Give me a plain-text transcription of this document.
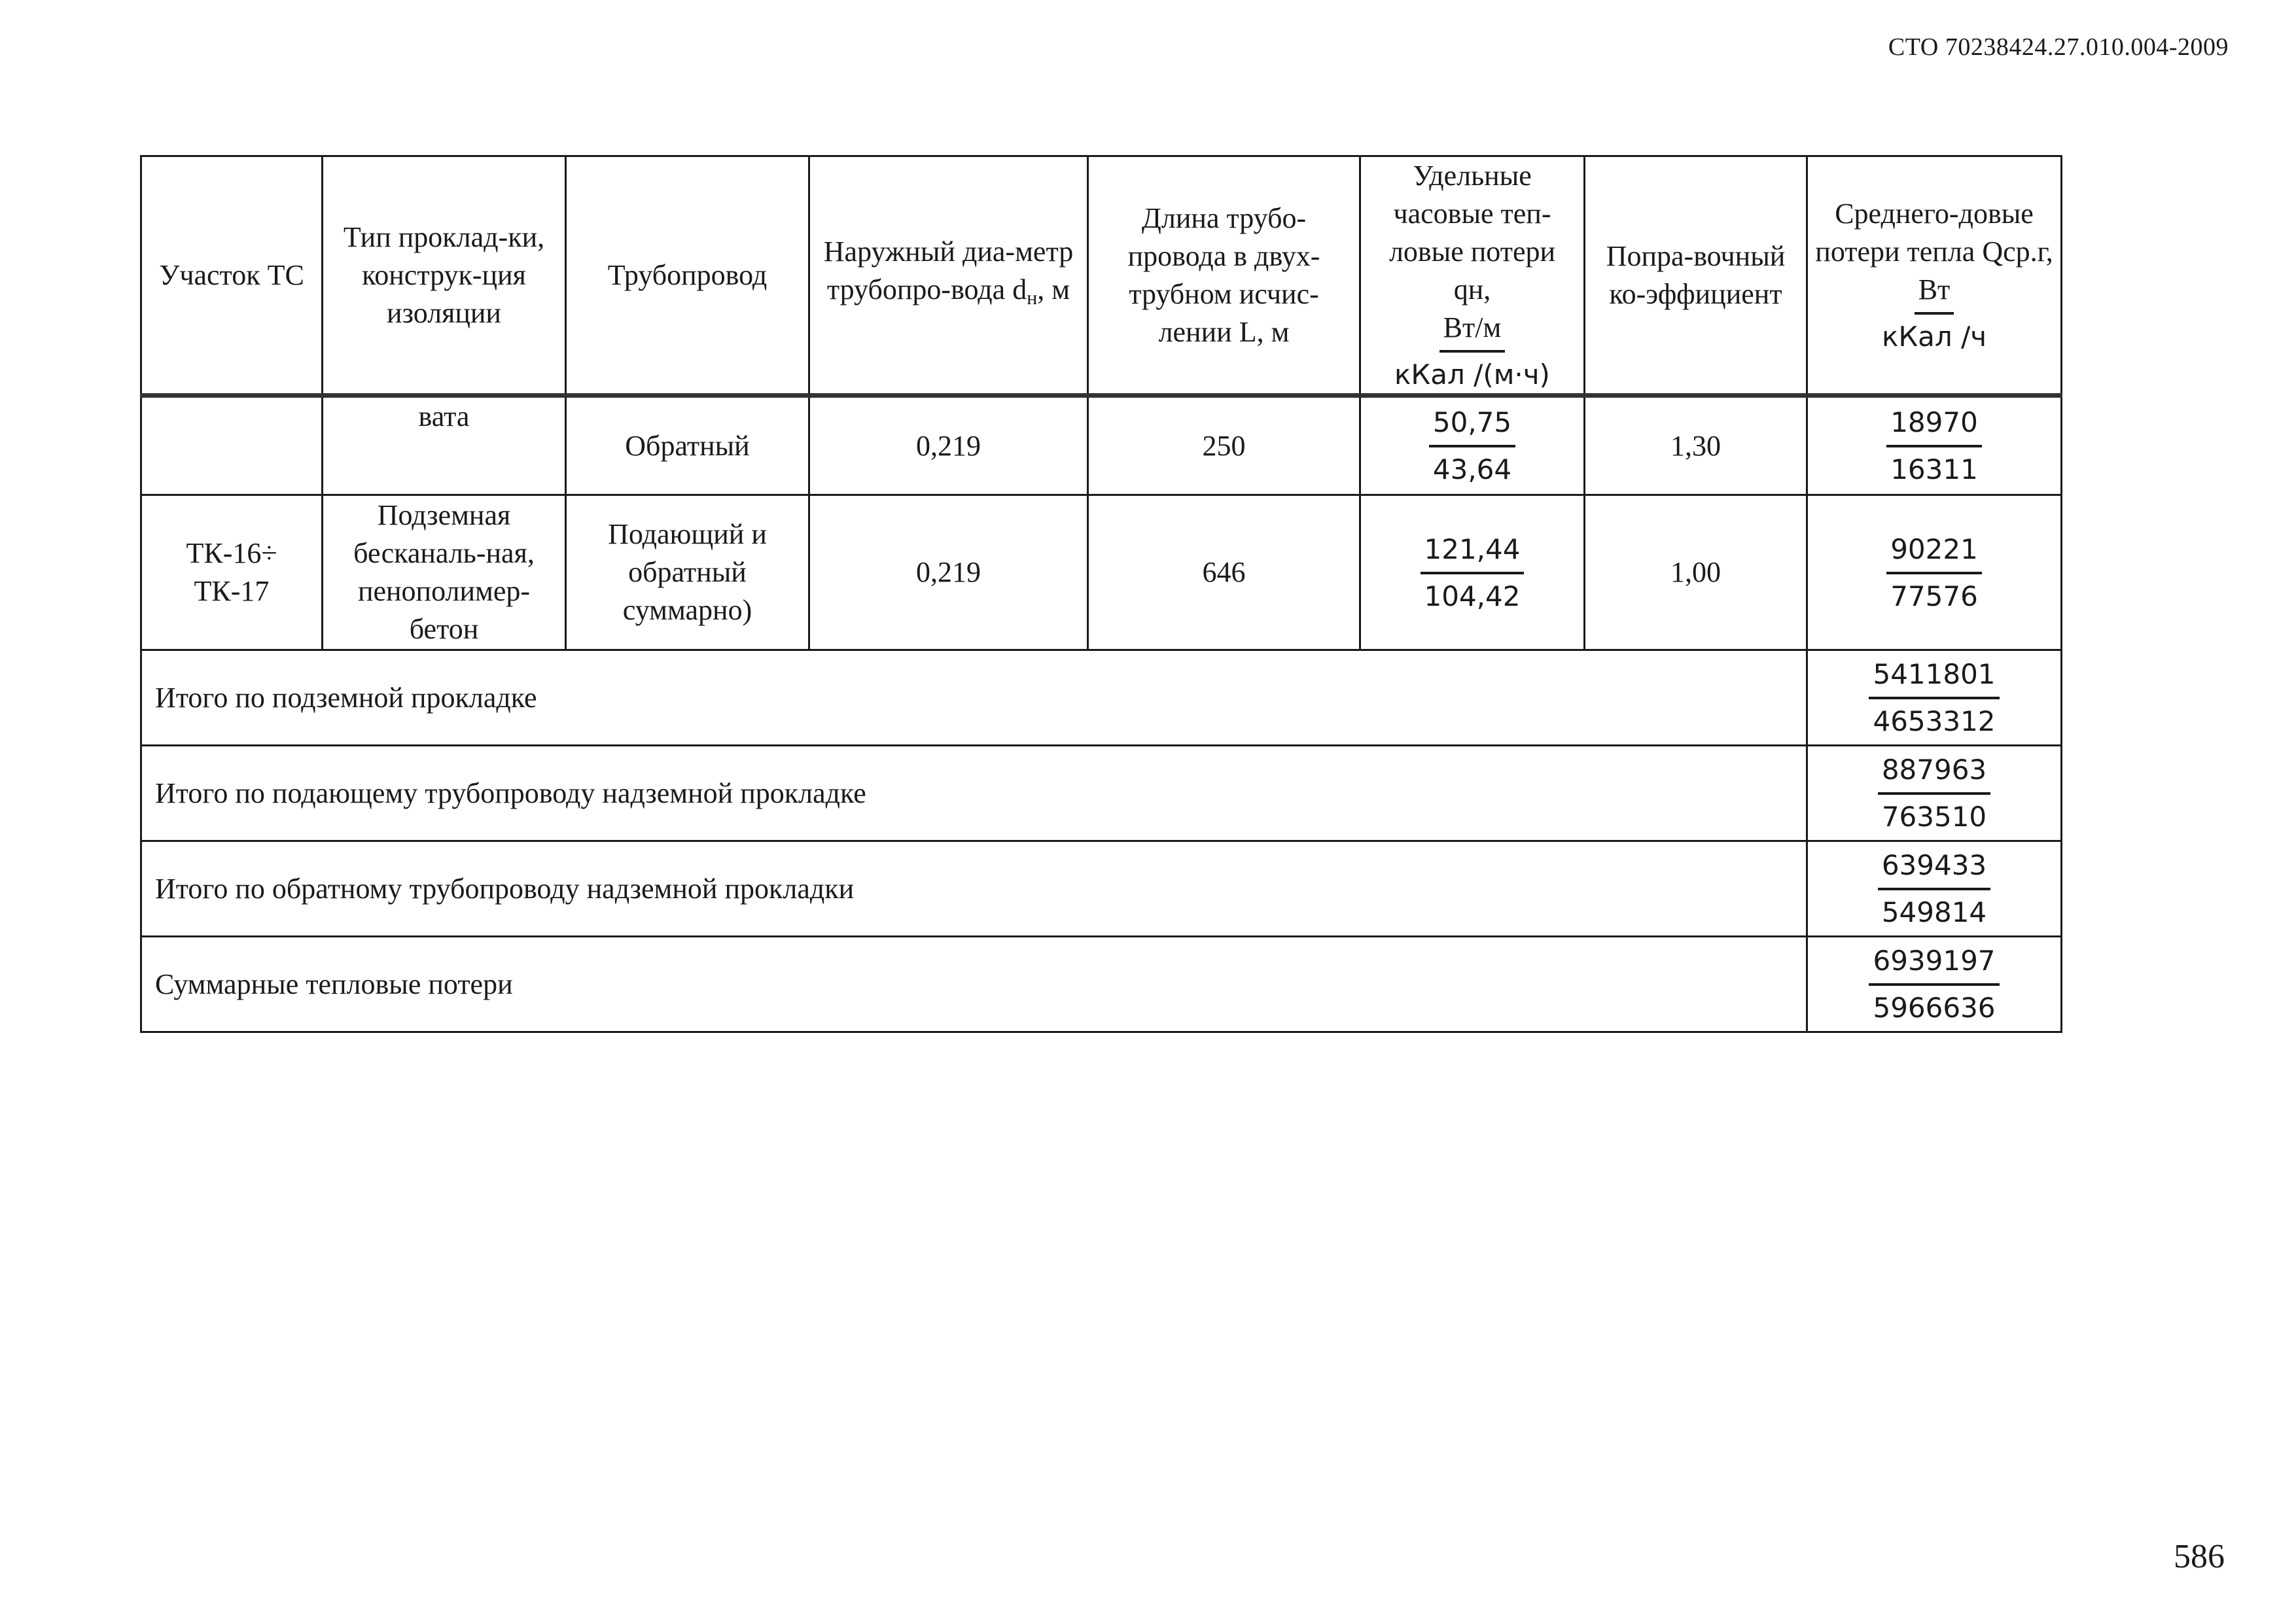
СТО 70238424.27.010.004-2009
Участок ТС	Тип проклад-ки, конструк-ция изоляции	Трубопровод	Наружный диа-метр трубопро-вода $d_н$, м	Длина трубо-провода в двух-трубном исчис-лении L, м	Удельные часовые теп-ловые потери qн,
$\frac{Вт/м}{\text{кКал /(м·ч)}}$	Попра-вочный ко-эффициент	Среднего-довые потери тепла Qср.г,
$\frac{Вт}{\text{кКал /ч}}$

	вата	Обратный	0,219	250	$\frac{50,75}{43,64}$	1,30	$\frac{18970}{16311}$

ТК-16÷ ТК-17	Подземная бесканаль-ная, пенополимер-бетон	Подающий и обратный суммарно)	0,219	646	$\frac{121,44}{104,42}$	1,00	$\frac{90221}{77576}$

Итого по подземной прокладке							$\frac{5411801}{4653312}$

Итого по подающему трубопроводу надземной прокладке							$\frac{887963}{763510}$

Итого по обратному трубопроводу надземной прокладки							$\frac{639433}{549814}$

Суммарные тепловые потери							$\frac{6939197}{5966636}$
586
